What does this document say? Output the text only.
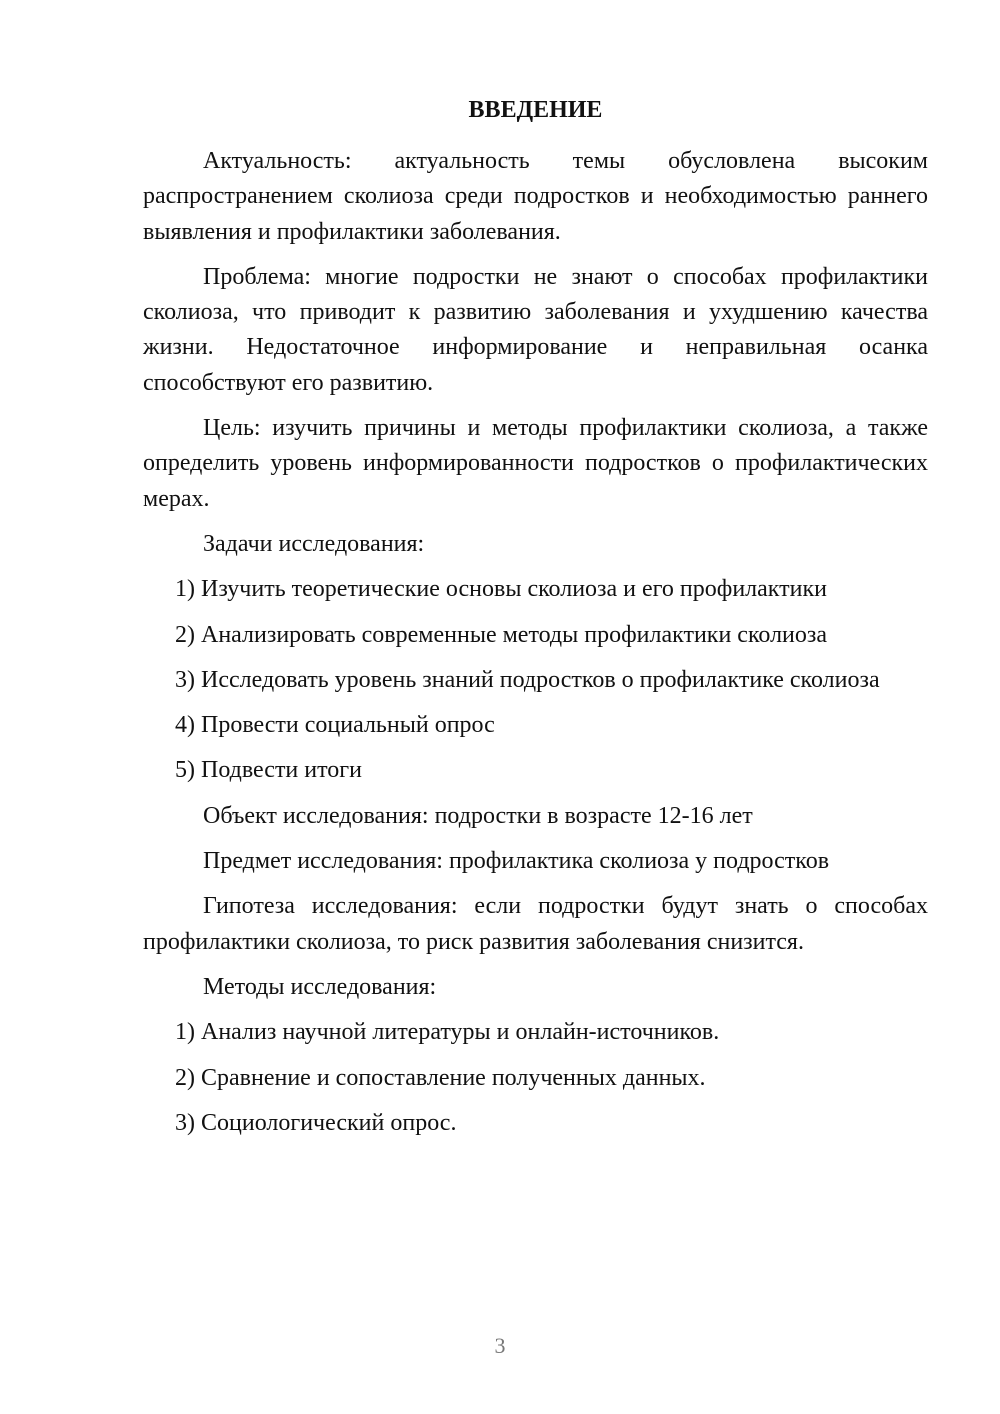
ВВЕДЕНИЕ

Актуальность: актуальность темы обусловлена высоким распространением сколиоза среди подростков и необходимостью раннего выявления и профилактики заболевания.

Проблема: многие подростки не знают о способах профилактики сколиоза, что приводит к развитию заболевания и ухудшению качества жизни. Недостаточное информирование и неправильная осанка способствуют его развитию.

Цель: изучить причины и методы профилактики сколиоза, а также определить уровень информированности подростков о профилактических мерах.

Задачи исследования:

1) Изучить теоретические основы сколиоза и его профилактики

2) Анализировать современные методы профилактики сколиоза

3) Исследовать уровень знаний подростков о профилактике сколиоза

4) Провести социальный опрос

5) Подвести итоги

Объект исследования: подростки в возрасте 12-16 лет

Предмет исследования: профилактика сколиоза у подростков

Гипотеза исследования: если подростки будут знать о способах профилактики сколиоза, то риск развития заболевания снизится.

Методы исследования:

1) Анализ научной литературы и онлайн-источников.

2) Сравнение и сопоставление полученных данных.

3) Социологический опрос.

3
